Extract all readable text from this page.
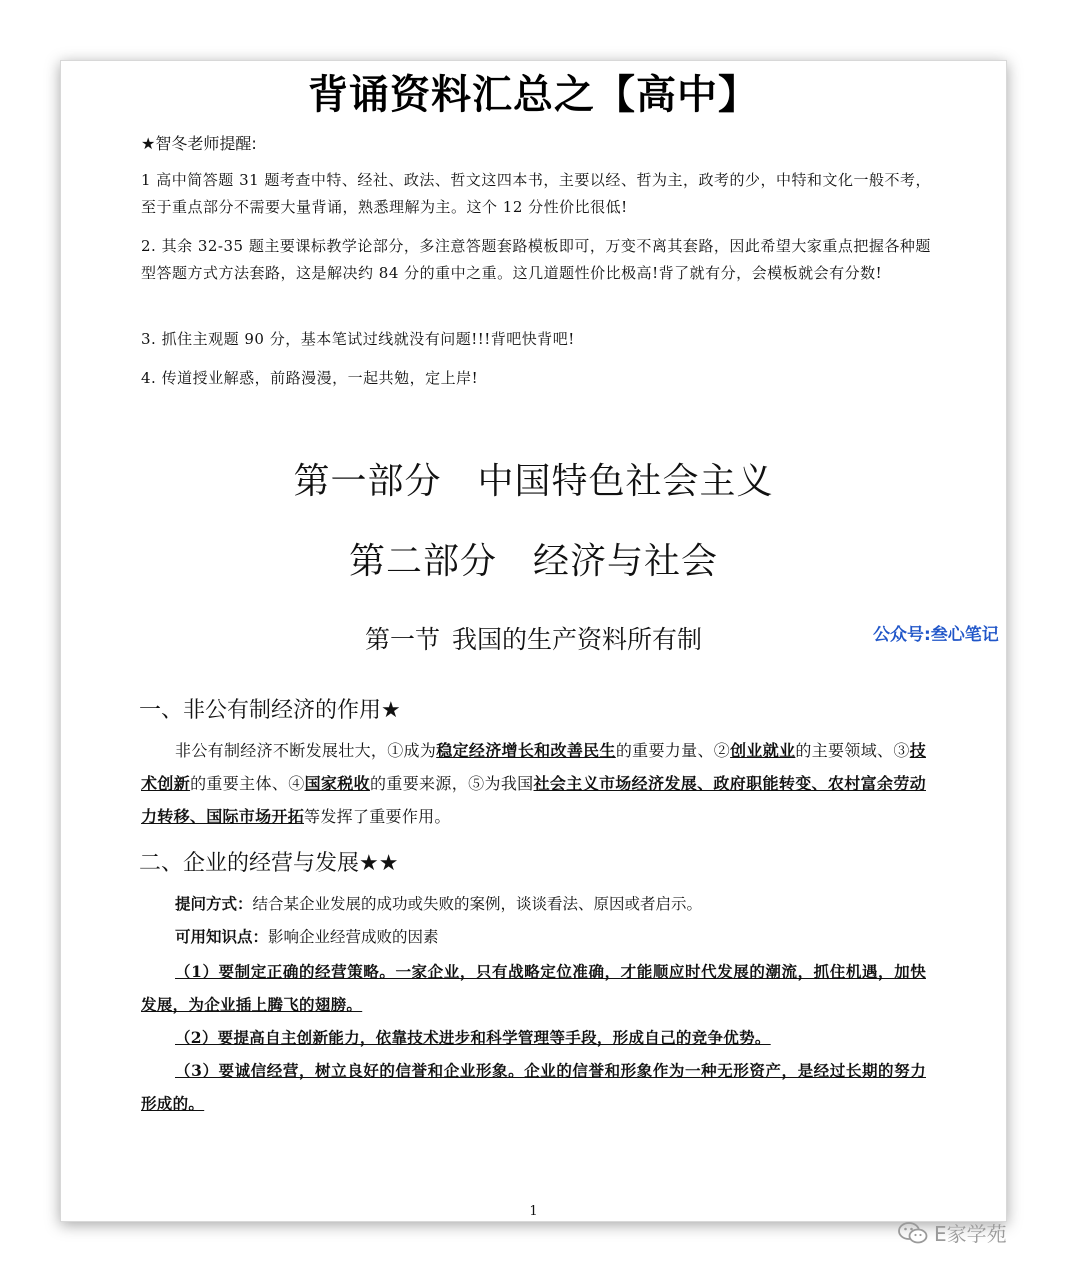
背诵资料汇总之【高中】
★智冬老师提醒:
1 高中简答题 31 题考查中特、经社、政法、哲文这四本书，主要以经、哲为主，政考的少，中特和文化一般不考，至于重点部分不需要大量背诵，熟悉理解为主。这个 12 分性价比很低!
2. 其余 32-35 题主要课标教学论部分，多注意答题套路模板即可，万变不离其套路，因此希望大家重点把握各种题型答题方式方法套路，这是解决约 84 分的重中之重。这几道题性价比极高!背了就有分，会模板就会有分数!
3. 抓住主观题 90 分，基本笔试过线就没有问题!!!背吧快背吧!
4. 传道授业解惑，前路漫漫，一起共勉，定上岸!
第一部分 中国特色社会主义
第二部分 经济与社会
第一节 我国的生产资料所有制
一、非公有制经济的作用★
非公有制经济不断发展壮大，①成为稳定经济增长和改善民生的重要力量、②创业就业的主要领域、③技术创新的重要主体、④国家税收的重要来源，⑤为我国社会主义市场经济发展、政府职能转变、农村富余劳动力转移、国际市场开拓等发挥了重要作用。
二、企业的经营与发展★★
提问方式：结合某企业发展的成功或失败的案例，谈谈看法、原因或者启示。
可用知识点：影响企业经营成败的因素
（1）要制定正确的经营策略。一家企业，只有战略定位准确，才能顺应时代发展的潮流，抓住机遇，加快发展，为企业插上腾飞的翅膀。
（2）要提高自主创新能力，依靠技术进步和科学管理等手段，形成自己的竞争优势。
（3）要诚信经营，树立良好的信誉和企业形象。企业的信誉和形象作为一种无形资产，是经过长期的努力形成的。
1
公众号:叁心笔记
E家学苑
